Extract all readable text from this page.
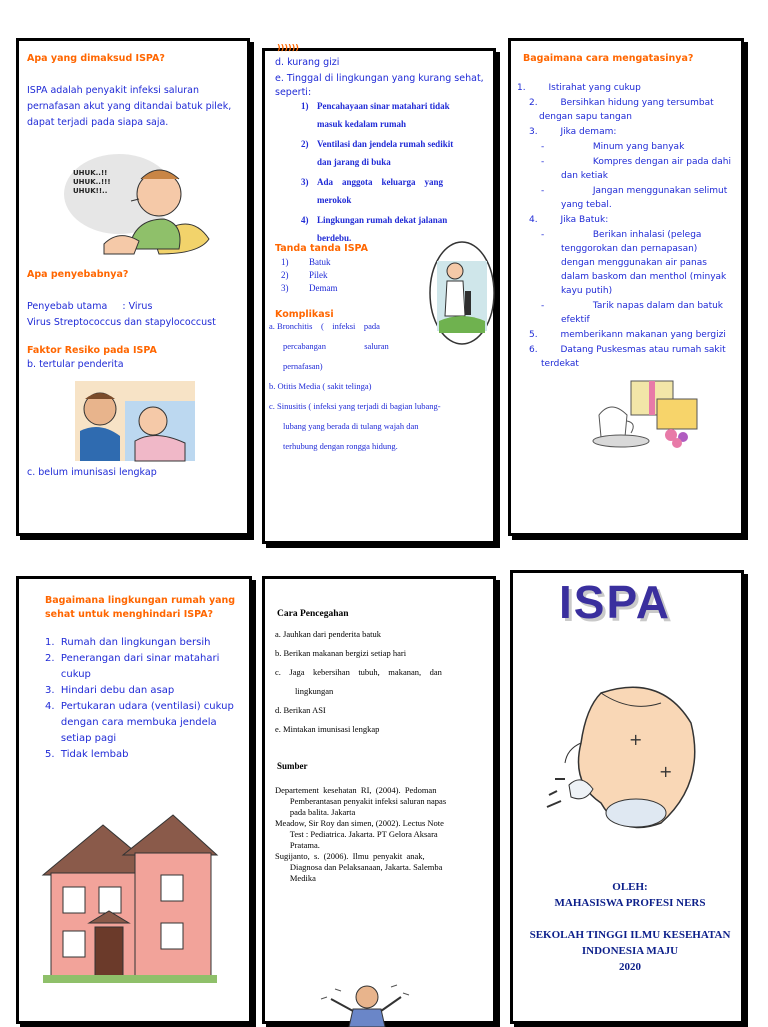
Apa yang dimaksud ISPA?
ISPA adalah penyakit infeksi saluran
pernafasan akut yang ditandai batuk pilek,
dapat terjadi pada siapa saja.
UHUK..!!
UHUK..!!!
UHUK!!..
Apa penyebabnya?
Penyebab utama     : Virus
Virus Streptococcus dan stapylococcust
Faktor Resiko pada ISPA
b. tertular penderita
c. belum imunisasi lengkap
))))))
d. kurang gizi
e. Tinggal di lingkungan yang kurang sehat,
seperti:
1) Pencahayaan sinar matahari tidak
masuk kedalam rumah
2) Ventilasi dan jendela rumah sedikit
dan jarang di buka
3) Ada    anggota    keluarga    yang
merokok
4) Lingkungan rumah dekat jalanan
berdebu.
Tanda tanda ISPA
1) Batuk
2) Pilek
3) Demam
Komplikasi
a. Bronchitis    (    infeksi    pada
percabangan                  saluran
pernafasan)
b. Otitis Media ( sakit telinga)
c. Sinusitis ( infeksi yang terjadi di bagian lubang-
lubang yang berada di tulang wajah dan
terhubung dengan rongga hidung.
Bagaimana cara mengatasinya?
1.        Istirahat yang cukup
2.        Bersihkan hidung yang tersumbat
dengan sapu tangan
3.        Jika demam:
-                 Minum yang banyak
-                 Kompres dengan air pada dahi
dan ketiak
-                 Jangan menggunakan selimut
yang tebal.
4.        Jika Batuk:
-                 Berikan inhalasi (pelega
tenggorokan dan pernapasan)
dengan menggunakan air panas
dalam baskom dan menthol (minyak
kayu putih)
-                 Tarik napas dalam dan batuk
efektif
5.        memberikann makanan yang bergizi
6.        Datang Puskesmas atau rumah sakit
terdekat
Bagaimana lingkungan rumah yang
sehat untuk menghindari ISPA?
1.  Rumah dan lingkungan bersih
2.  Penerangan dari sinar matahari
cukup
3.  Hindari debu dan asap
4.  Pertukaran udara (ventilasi) cukup
dengan cara membuka jendela
setiap pagi
5.  Tidak lembab
Cara Pencegahan
a. Jauhkan dari penderita batuk
b. Berikan makanan bergizi setiap hari
c.    Jaga    kebersihan    tubuh,    makanan,    dan
lingkungan
d. Berikan ASI
e. Mintakan imunisasi lengkap
Sumber
Departement  kesehatan  RI,  (2004).  Pedoman
Pemberantasan penyakit infeksi saluran napas
pada balita. Jakarta
Meadow, Sir Roy dan simen, (2002). Lectus Note
Test : Pediatrica. Jakarta. PT Gelora Aksara
Pratama.
Sugijanto,  s.  (2006).  Ilmu  penyakit  anak,
Diagnosa dan Pelaksanaan, Jakarta. Salemba
Medika
ISPA
+
+
OLEH:
MAHASISWA PROFESI NERS
SEKOLAH TINGGI ILMU KESEHATAN
INDONESIA MAJU
2020
